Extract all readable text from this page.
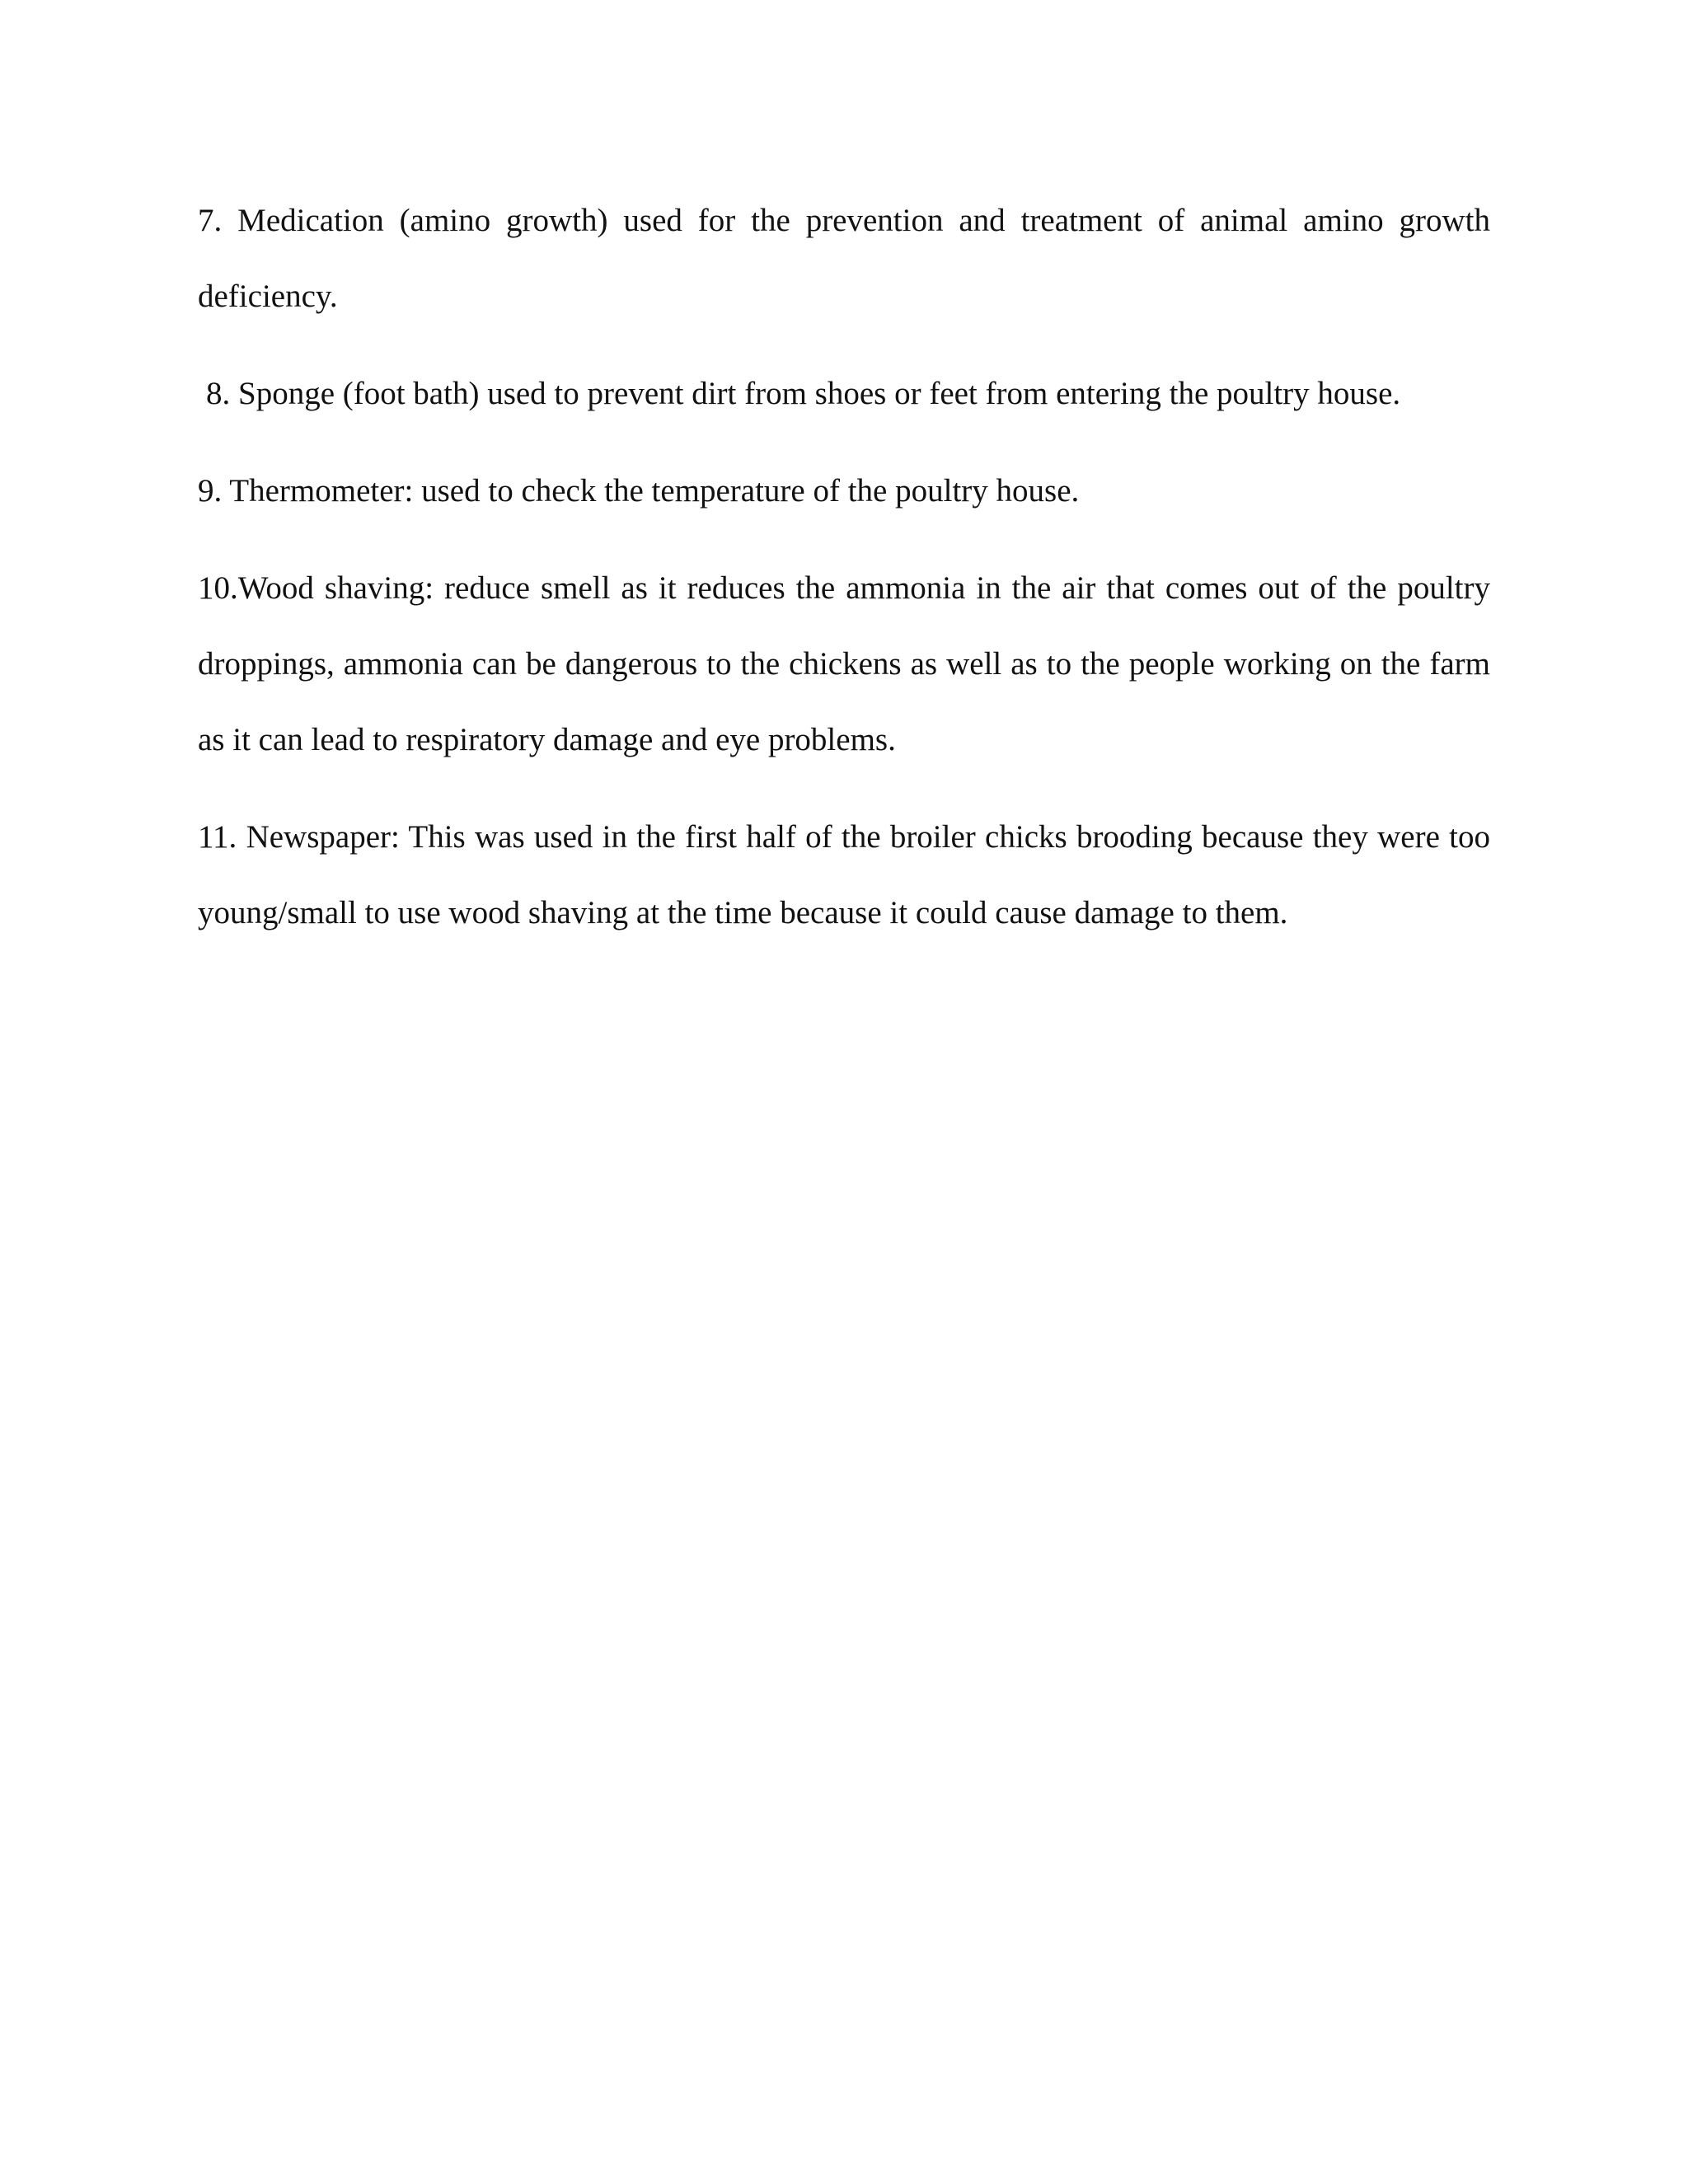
7. Medication (amino growth) used for the prevention and treatment of animal amino growth deficiency.

8. Sponge (foot bath) used to prevent dirt from shoes or feet from entering the poultry house.

9. Thermometer: used to check the temperature of the poultry house.

10.Wood shaving: reduce smell as it reduces the ammonia in the air that comes out of the poultry droppings, ammonia can be dangerous to the chickens as well as to the people working on the farm as it can lead to respiratory damage and eye problems.

11. Newspaper: This was used in the first half of the broiler chicks brooding because they were too young/small to use wood shaving at the time because it could cause damage to them.
